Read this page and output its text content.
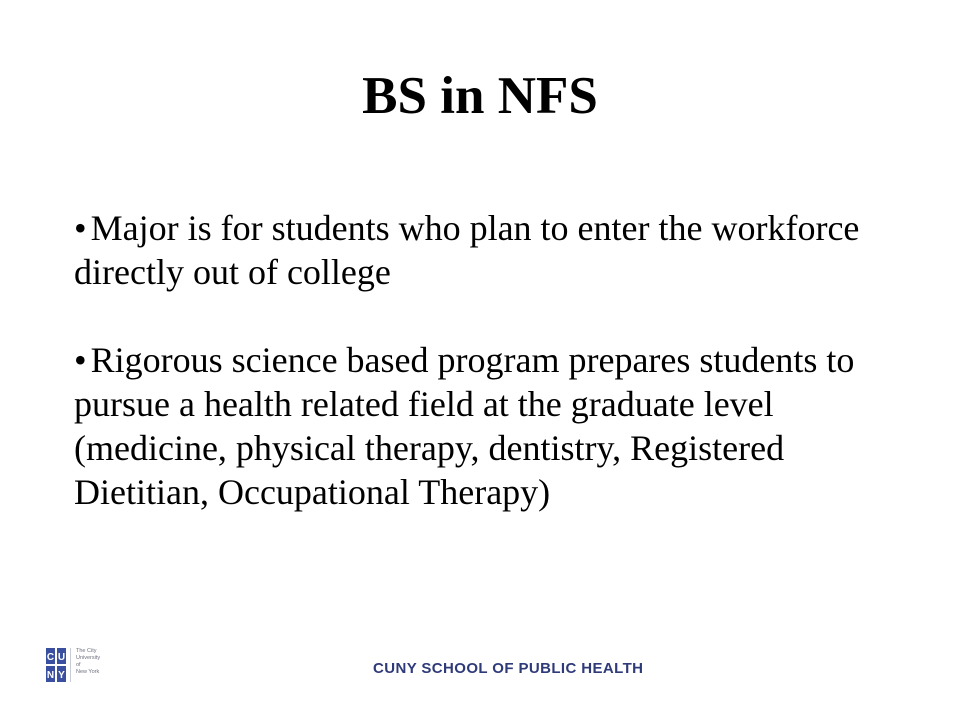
BS in NFS

• Major is for students who plan to enter the workforce directly out of college

• Rigorous science based program prepares students to pursue a health related field at the graduate level (medicine, physical therapy, dentistry, Registered Dietitian, Occupational Therapy)

C U
N Y
The City
University
of
New York	CUNY SCHOOL OF PUBLIC HEALTH
